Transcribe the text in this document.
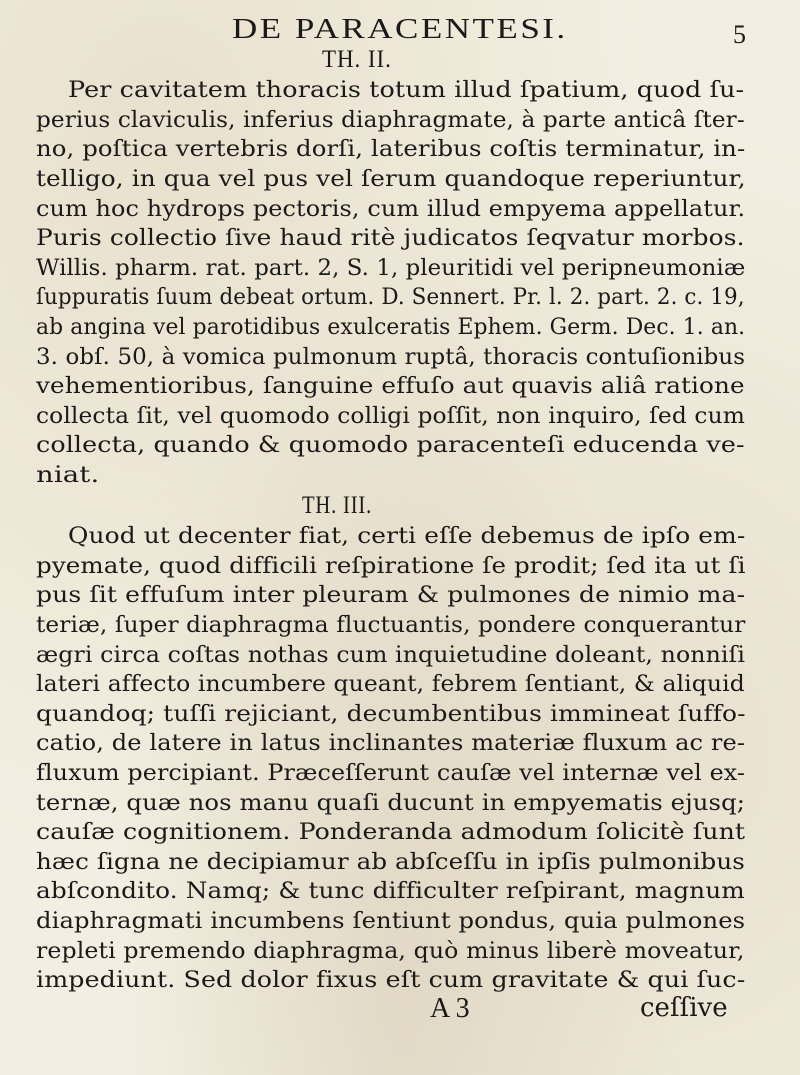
DE PARACENTESI.	5
TH. II.
Per cavitatem thoracis totum illud ſpatium, quod ſu-
perius claviculis, inferius diaphragmate, à parte anticâ ſter-
no, poſtica vertebris dorſi, lateribus coſtis terminatur, in-
telligo, in qua vel pus vel ſerum quandoque reperiuntur,
cum hoc hydrops pectoris, cum illud empyema appellatur.
Puris collectio ſive haud ritè judicatos ſeqvatur morbos.
Willis. pharm. rat. part. 2, S. 1, pleuritidi vel peripneumoniæ
ſuppuratis ſuum debeat ortum. D. Sennert. Pr. l. 2. part. 2. c. 19,
ab angina vel parotidibus exulceratis Ephem. Germ. Dec. 1. an.
3. obſ. 50, à vomica pulmonum ruptâ, thoracis contuſionibus
vehementioribus, ſanguine effuſo aut quavis aliâ ratione
collecta ſit, vel quomodo colligi poſſit, non inquiro, ſed cum
collecta, quando & quomodo paracenteſi educenda ve-
niat.
TH. III.
Quod ut decenter fiat, certi eſſe debemus de ipſo em-
pyemate, quod difficili reſpiratione ſe prodit; ſed ita ut ſi
pus ſit effuſum inter pleuram & pulmones de nimio ma-
teriæ, ſuper diaphragma fluctuantis, pondere conquerantur
ægri circa coſtas nothas cum inquietudine doleant, nonniſi
lateri affecto incumbere queant, febrem ſentiant, & aliquid
quandoq; tuſſi rejiciant, decumbentibus immineat ſuffo-
catio, de latere in latus inclinantes materiæ fluxum ac re-
fluxum percipiant. Præceſſerunt cauſæ vel internæ vel ex-
ternæ, quæ nos manu quaſi ducunt in empyematis ejusq;
cauſæ cognitionem. Ponderanda admodum ſolicitè ſunt
hæc ſigna ne decipiamur ab abſceſſu in ipſis pulmonibus
abſcondito. Namq; & tunc difficulter reſpirant, magnum
diaphragmati incumbens ſentiunt pondus, quia pulmones
repleti premendo diaphragma, quò minus liberè moveatur,
impediunt. Sed dolor fixus eſt cum gravitate & qui ſuc-
A 3	ceſſive
